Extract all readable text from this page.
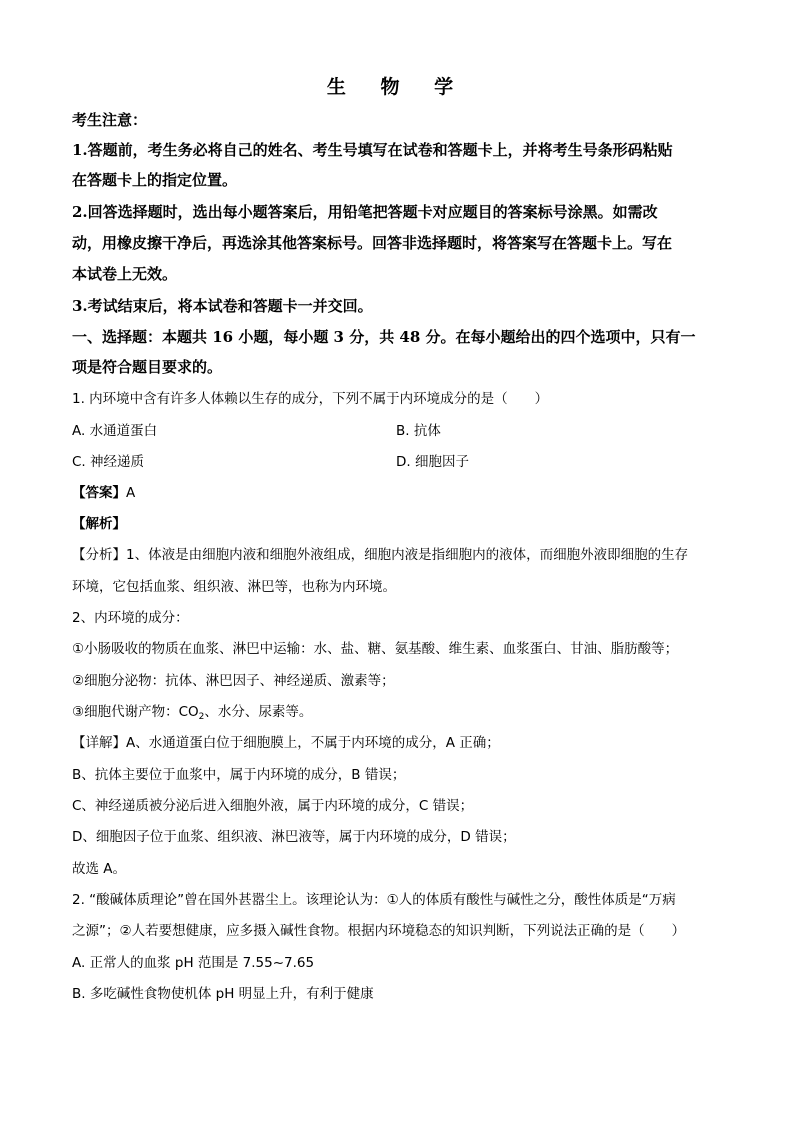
生 物 学
考生注意：
1.答题前，考生务必将自己的姓名、考生号填写在试卷和答题卡上，并将考生号条形码粘贴
在答题卡上的指定位置。
2.回答选择题时，选出每小题答案后，用铅笔把答题卡对应题目的答案标号涂黑。如需改
动，用橡皮擦干净后，再选涂其他答案标号。回答非选择题时，将答案写在答题卡上。写在
本试卷上无效。
3.考试结束后，将本试卷和答题卡一并交回。
一、选择题：本题共 16 小题，每小题 3 分，共 48 分。在每小题给出的四个选项中，只有一
项是符合题目要求的。
1. 内环境中含有许多人体赖以生存的成分，下列不属于内环境成分的是（　　）
A. 水通道蛋白	B. 抗体
C. 神经递质	D. 细胞因子
【答案】A
【解析】
【分析】1、体液是由细胞内液和细胞外液组成，细胞内液是指细胞内的液体，而细胞外液即细胞的生存
环境，它包括血浆、组织液、淋巴等，也称为内环境。
2、内环境的成分：
①小肠吸收的物质在血浆、淋巴中运输：水、盐、糖、氨基酸、维生素、血浆蛋白、甘油、脂肪酸等；
②细胞分泌物：抗体、淋巴因子、神经递质、激素等；
③细胞代谢产物：$CO_2$、水分、尿素等。
【详解】A、水通道蛋白位于细胞膜上，不属于内环境的成分，A 正确；
B、抗体主要位于血浆中，属于内环境的成分，B 错误；
C、神经递质被分泌后进入细胞外液，属于内环境的成分，C 错误；
D、细胞因子位于血浆、组织液、淋巴液等，属于内环境的成分，D 错误；
故选 A。
2. “酸碱体质理论”曾在国外甚嚣尘上。该理论认为：①人的体质有酸性与碱性之分，酸性体质是“万病
之源”；②人若要想健康，应多摄入碱性食物。根据内环境稳态的知识判断，下列说法正确的是（　　）
A. 正常人的血浆 pH 范围是 7.55~7.65
B. 多吃碱性食物使机体 pH 明显上升，有利于健康
